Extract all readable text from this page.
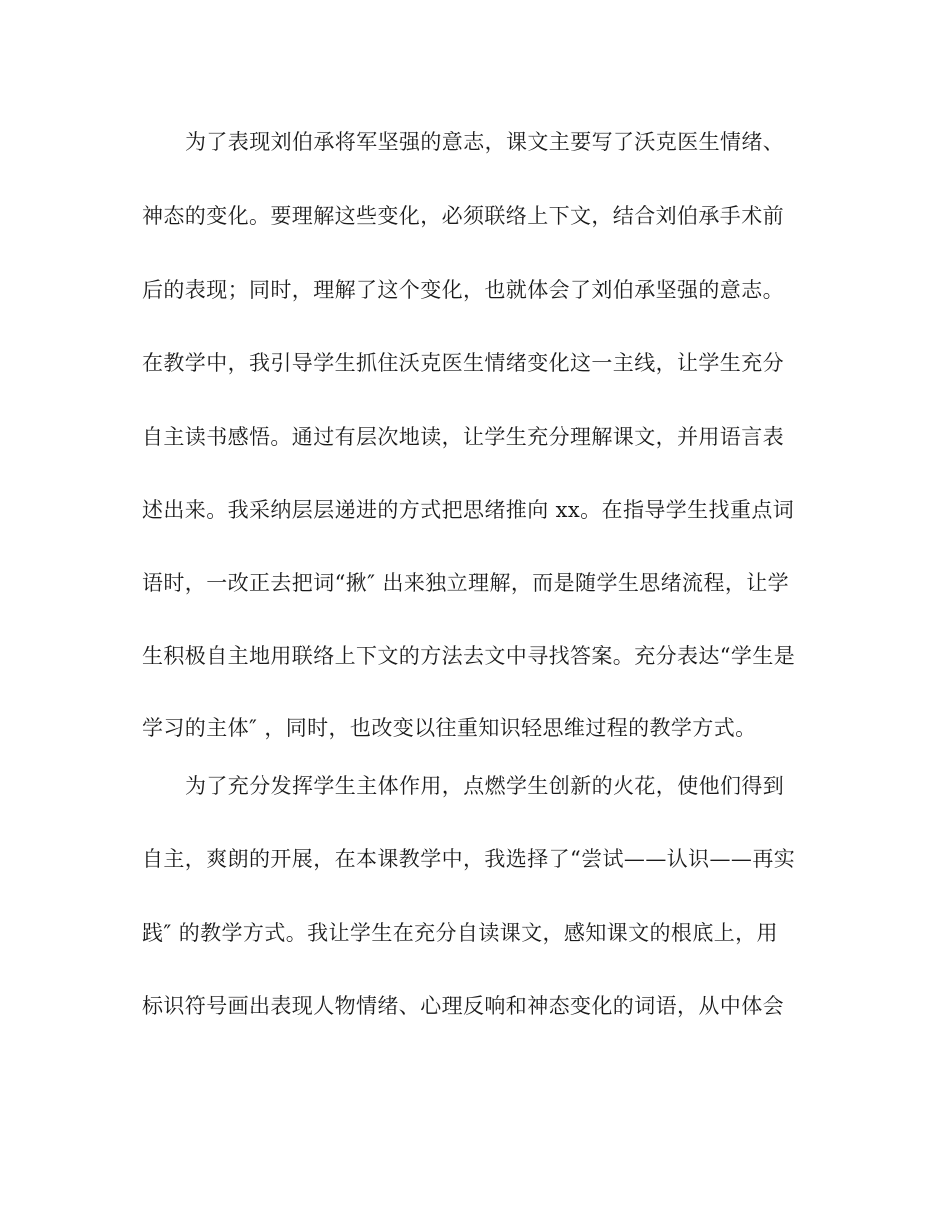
为了表现刘伯承将军坚强的意志，课文主要写了沃克医生情绪、

神态的变化。要理解这些变化，必须联络上下文，结合刘伯承手术前

后的表现；同时，理解了这个变化，也就体会了刘伯承坚强的意志。

在教学中，我引导学生抓住沃克医生情绪变化这一主线，让学生充分

自主读书感悟。通过有层次地读，让学生充分理解课文，并用语言表

述出来。我采纳层层递进的方式把思绪推向 xx。在指导学生找重点词

语时，一改正去把词“揪″ 出来独立理解，而是随学生思绪流程，让学

生积极自主地用联络上下文的方法去文中寻找答案。充分表达“学生是

学习的主体″ ，同时，也改变以往重知识轻思维过程的教学方式。

为了充分发挥学生主体作用，点燃学生创新的火花，使他们得到

自主，爽朗的开展，在本课教学中，我选择了“尝试——认识——再实

践″ 的教学方式。我让学生在充分自读课文，感知课文的根底上，用

标识符号画出表现人物情绪、心理反响和神态变化的词语，从中体会
